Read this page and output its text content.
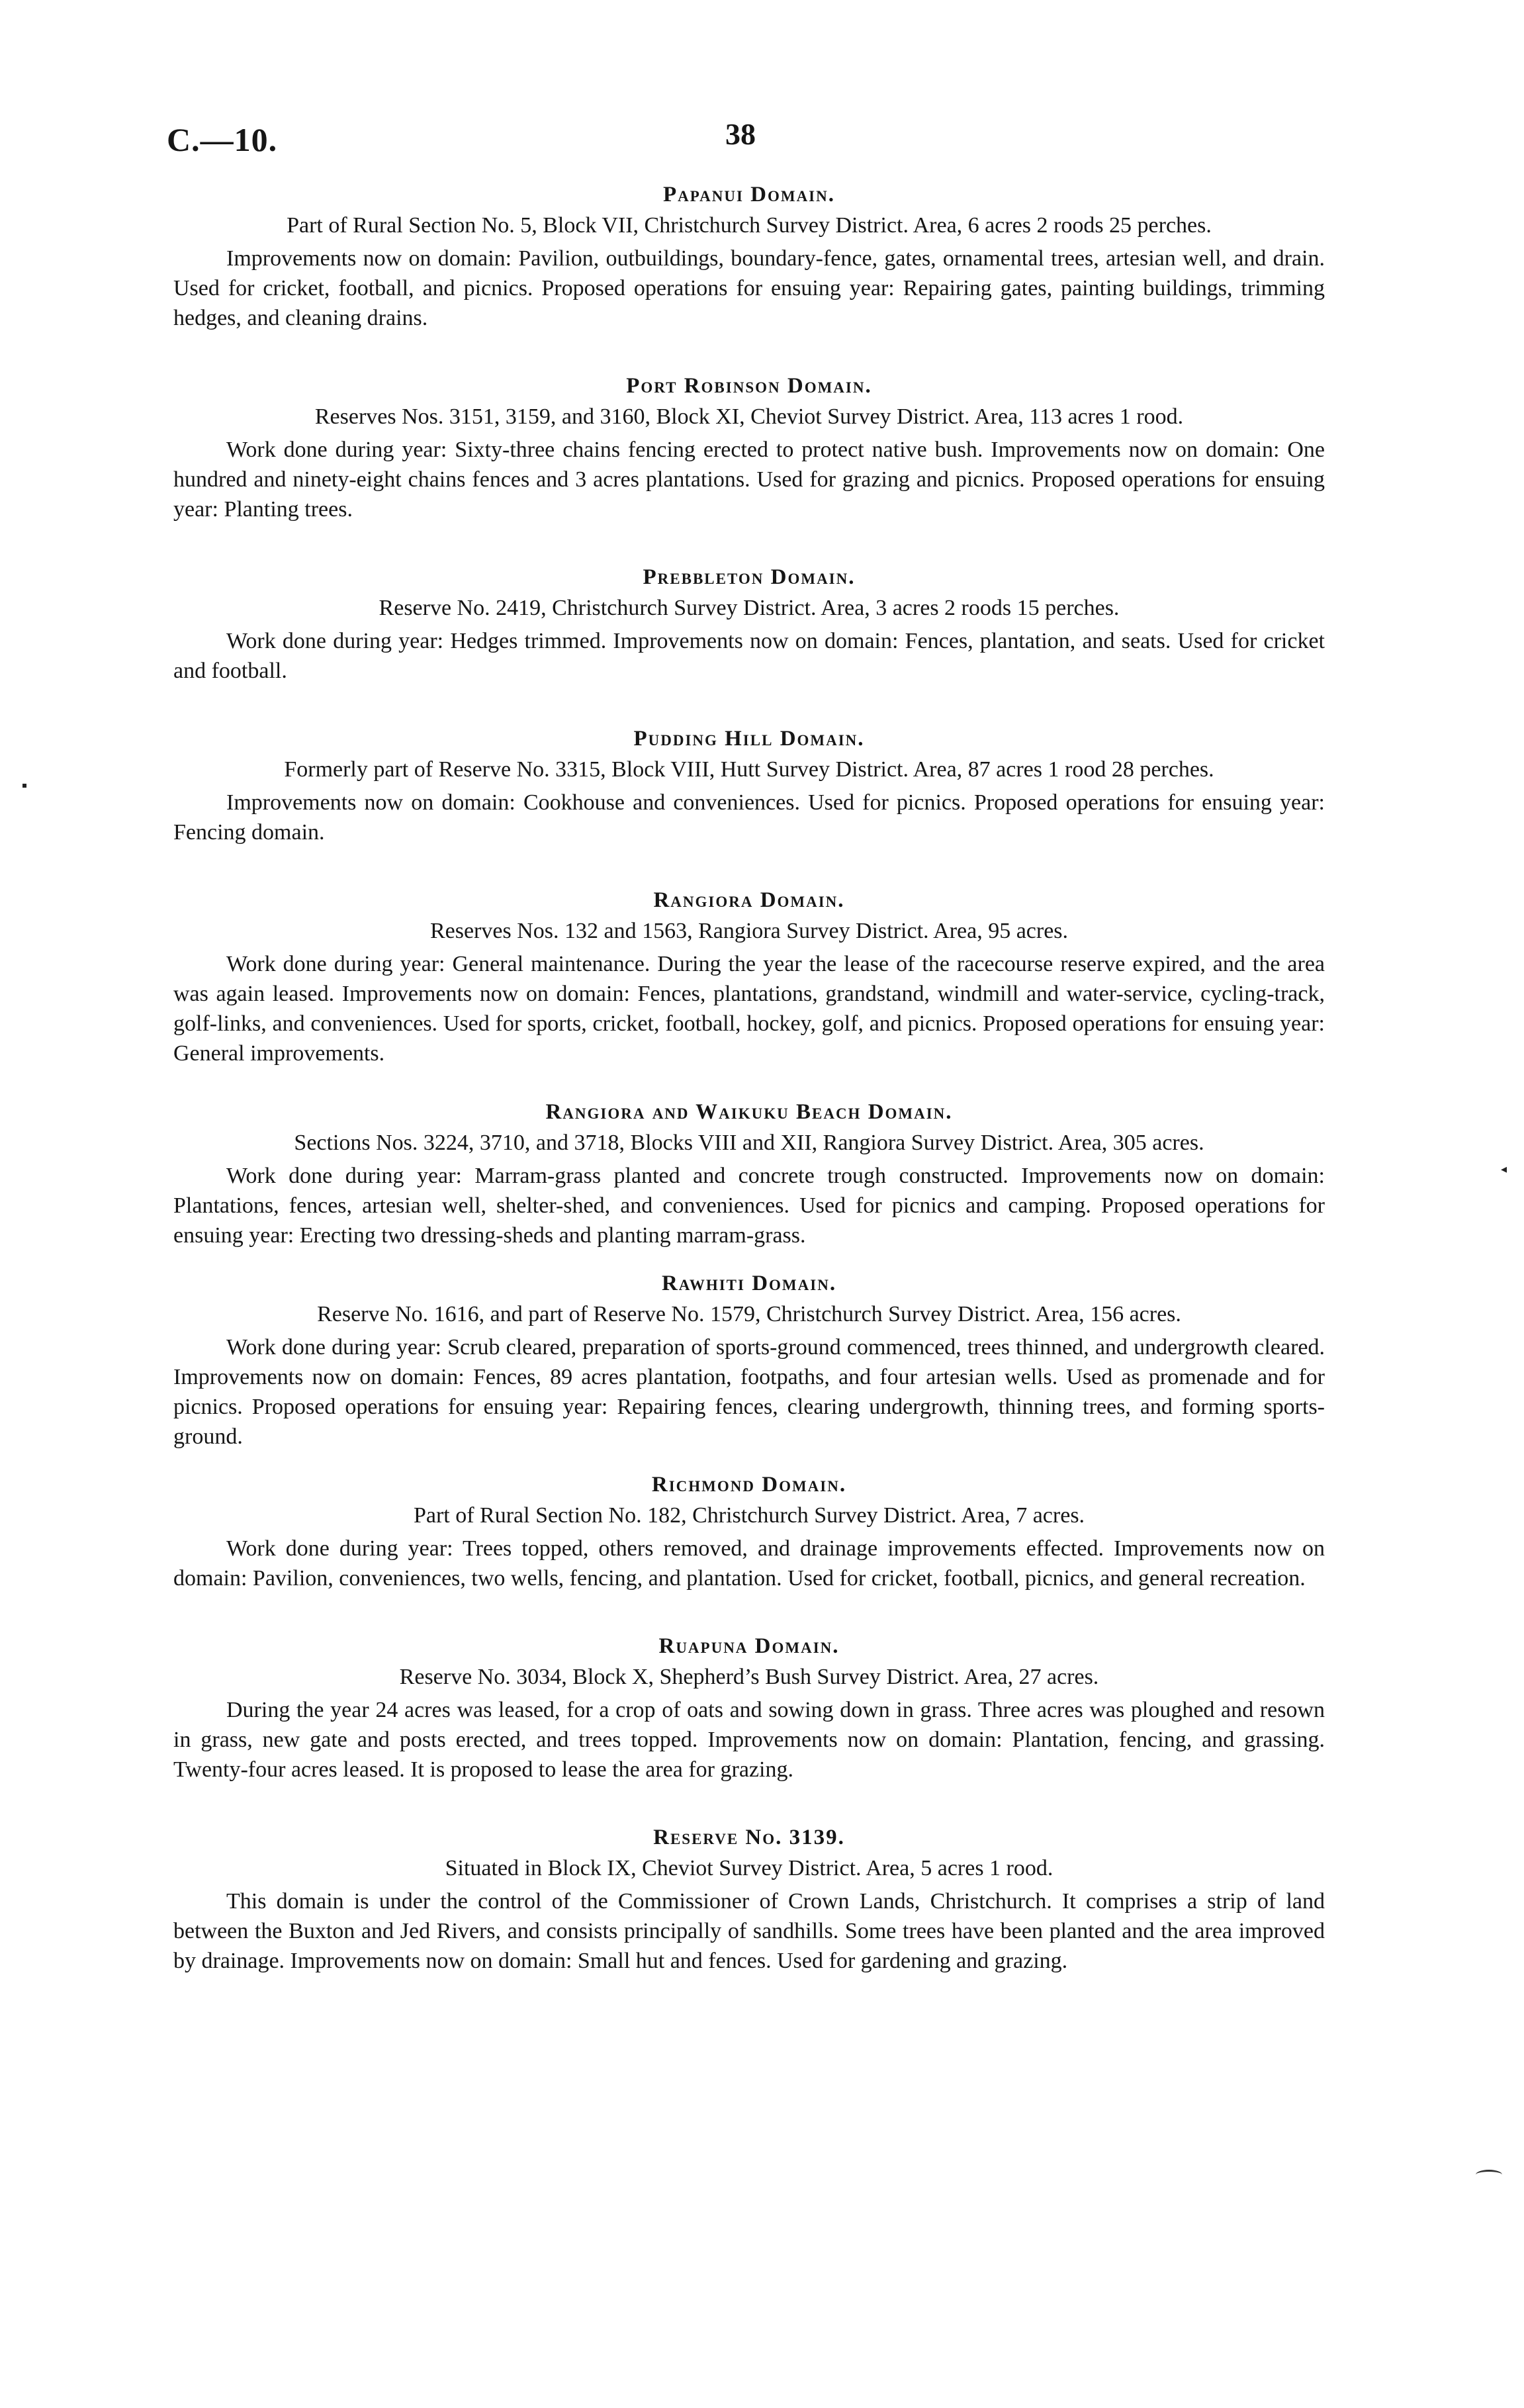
C.—10.	38
Papanui Domain.
Part of Rural Section No. 5, Block VII, Christchurch Survey District. Area, 6 acres 2 roods 25 perches.
Improvements now on domain: Pavilion, outbuildings, boundary-fence, gates, ornamental trees, artesian well, and drain. Used for cricket, football, and picnics. Proposed operations for ensuing year: Repairing gates, painting buildings, trimming hedges, and cleaning drains.
Port Robinson Domain.
Reserves Nos. 3151, 3159, and 3160, Block XI, Cheviot Survey District. Area, 113 acres 1 rood.
Work done during year: Sixty-three chains fencing erected to protect native bush. Improvements now on domain: One hundred and ninety-eight chains fences and 3 acres plantations. Used for grazing and picnics. Proposed operations for ensuing year: Planting trees.
Prebbleton Domain.
Reserve No. 2419, Christchurch Survey District. Area, 3 acres 2 roods 15 perches.
Work done during year: Hedges trimmed. Improvements now on domain: Fences, plantation, and seats. Used for cricket and football.
Pudding Hill Domain.
Formerly part of Reserve No. 3315, Block VIII, Hutt Survey District. Area, 87 acres 1 rood 28 perches.
Improvements now on domain: Cookhouse and conveniences. Used for picnics. Proposed operations for ensuing year: Fencing domain.
Rangiora Domain.
Reserves Nos. 132 and 1563, Rangiora Survey District. Area, 95 acres.
Work done during year: General maintenance. During the year the lease of the racecourse reserve expired, and the area was again leased. Improvements now on domain: Fences, plantations, grandstand, windmill and water-service, cycling-track, golf-links, and conveniences. Used for sports, cricket, football, hockey, golf, and picnics. Proposed operations for ensuing year: General improvements.
Rangiora and Waikuku Beach Domain.
Sections Nos. 3224, 3710, and 3718, Blocks VIII and XII, Rangiora Survey District. Area, 305 acres.
Work done during year: Marram-grass planted and concrete trough constructed. Improvements now on domain: Plantations, fences, artesian well, shelter-shed, and conveniences. Used for picnics and camping. Proposed operations for ensuing year: Erecting two dressing-sheds and planting marram-grass.
Rawhiti Domain.
Reserve No. 1616, and part of Reserve No. 1579, Christchurch Survey District. Area, 156 acres.
Work done during year: Scrub cleared, preparation of sports-ground commenced, trees thinned, and undergrowth cleared. Improvements now on domain: Fences, 89 acres plantation, footpaths, and four artesian wells. Used as promenade and for picnics. Proposed operations for ensuing year: Repairing fences, clearing undergrowth, thinning trees, and forming sports-ground.
Richmond Domain.
Part of Rural Section No. 182, Christchurch Survey District. Area, 7 acres.
Work done during year: Trees topped, others removed, and drainage improvements effected. Improvements now on domain: Pavilion, conveniences, two wells, fencing, and plantation. Used for cricket, football, picnics, and general recreation.
Ruapuna Domain.
Reserve No. 3034, Block X, Shepherd’s Bush Survey District. Area, 27 acres.
During the year 24 acres was leased, for a crop of oats and sowing down in grass. Three acres was ploughed and resown in grass, new gate and posts erected, and trees topped. Improvements now on domain: Plantation, fencing, and grassing. Twenty-four acres leased. It is proposed to lease the area for grazing.
Reserve No. 3139.
Situated in Block IX, Cheviot Survey District. Area, 5 acres 1 rood.
This domain is under the control of the Commissioner of Crown Lands, Christchurch. It comprises a strip of land between the Buxton and Jed Rivers, and consists principally of sandhills. Some trees have been planted and the area improved by drainage. Improvements now on domain: Small hut and fences. Used for gardening and grazing.
◂
